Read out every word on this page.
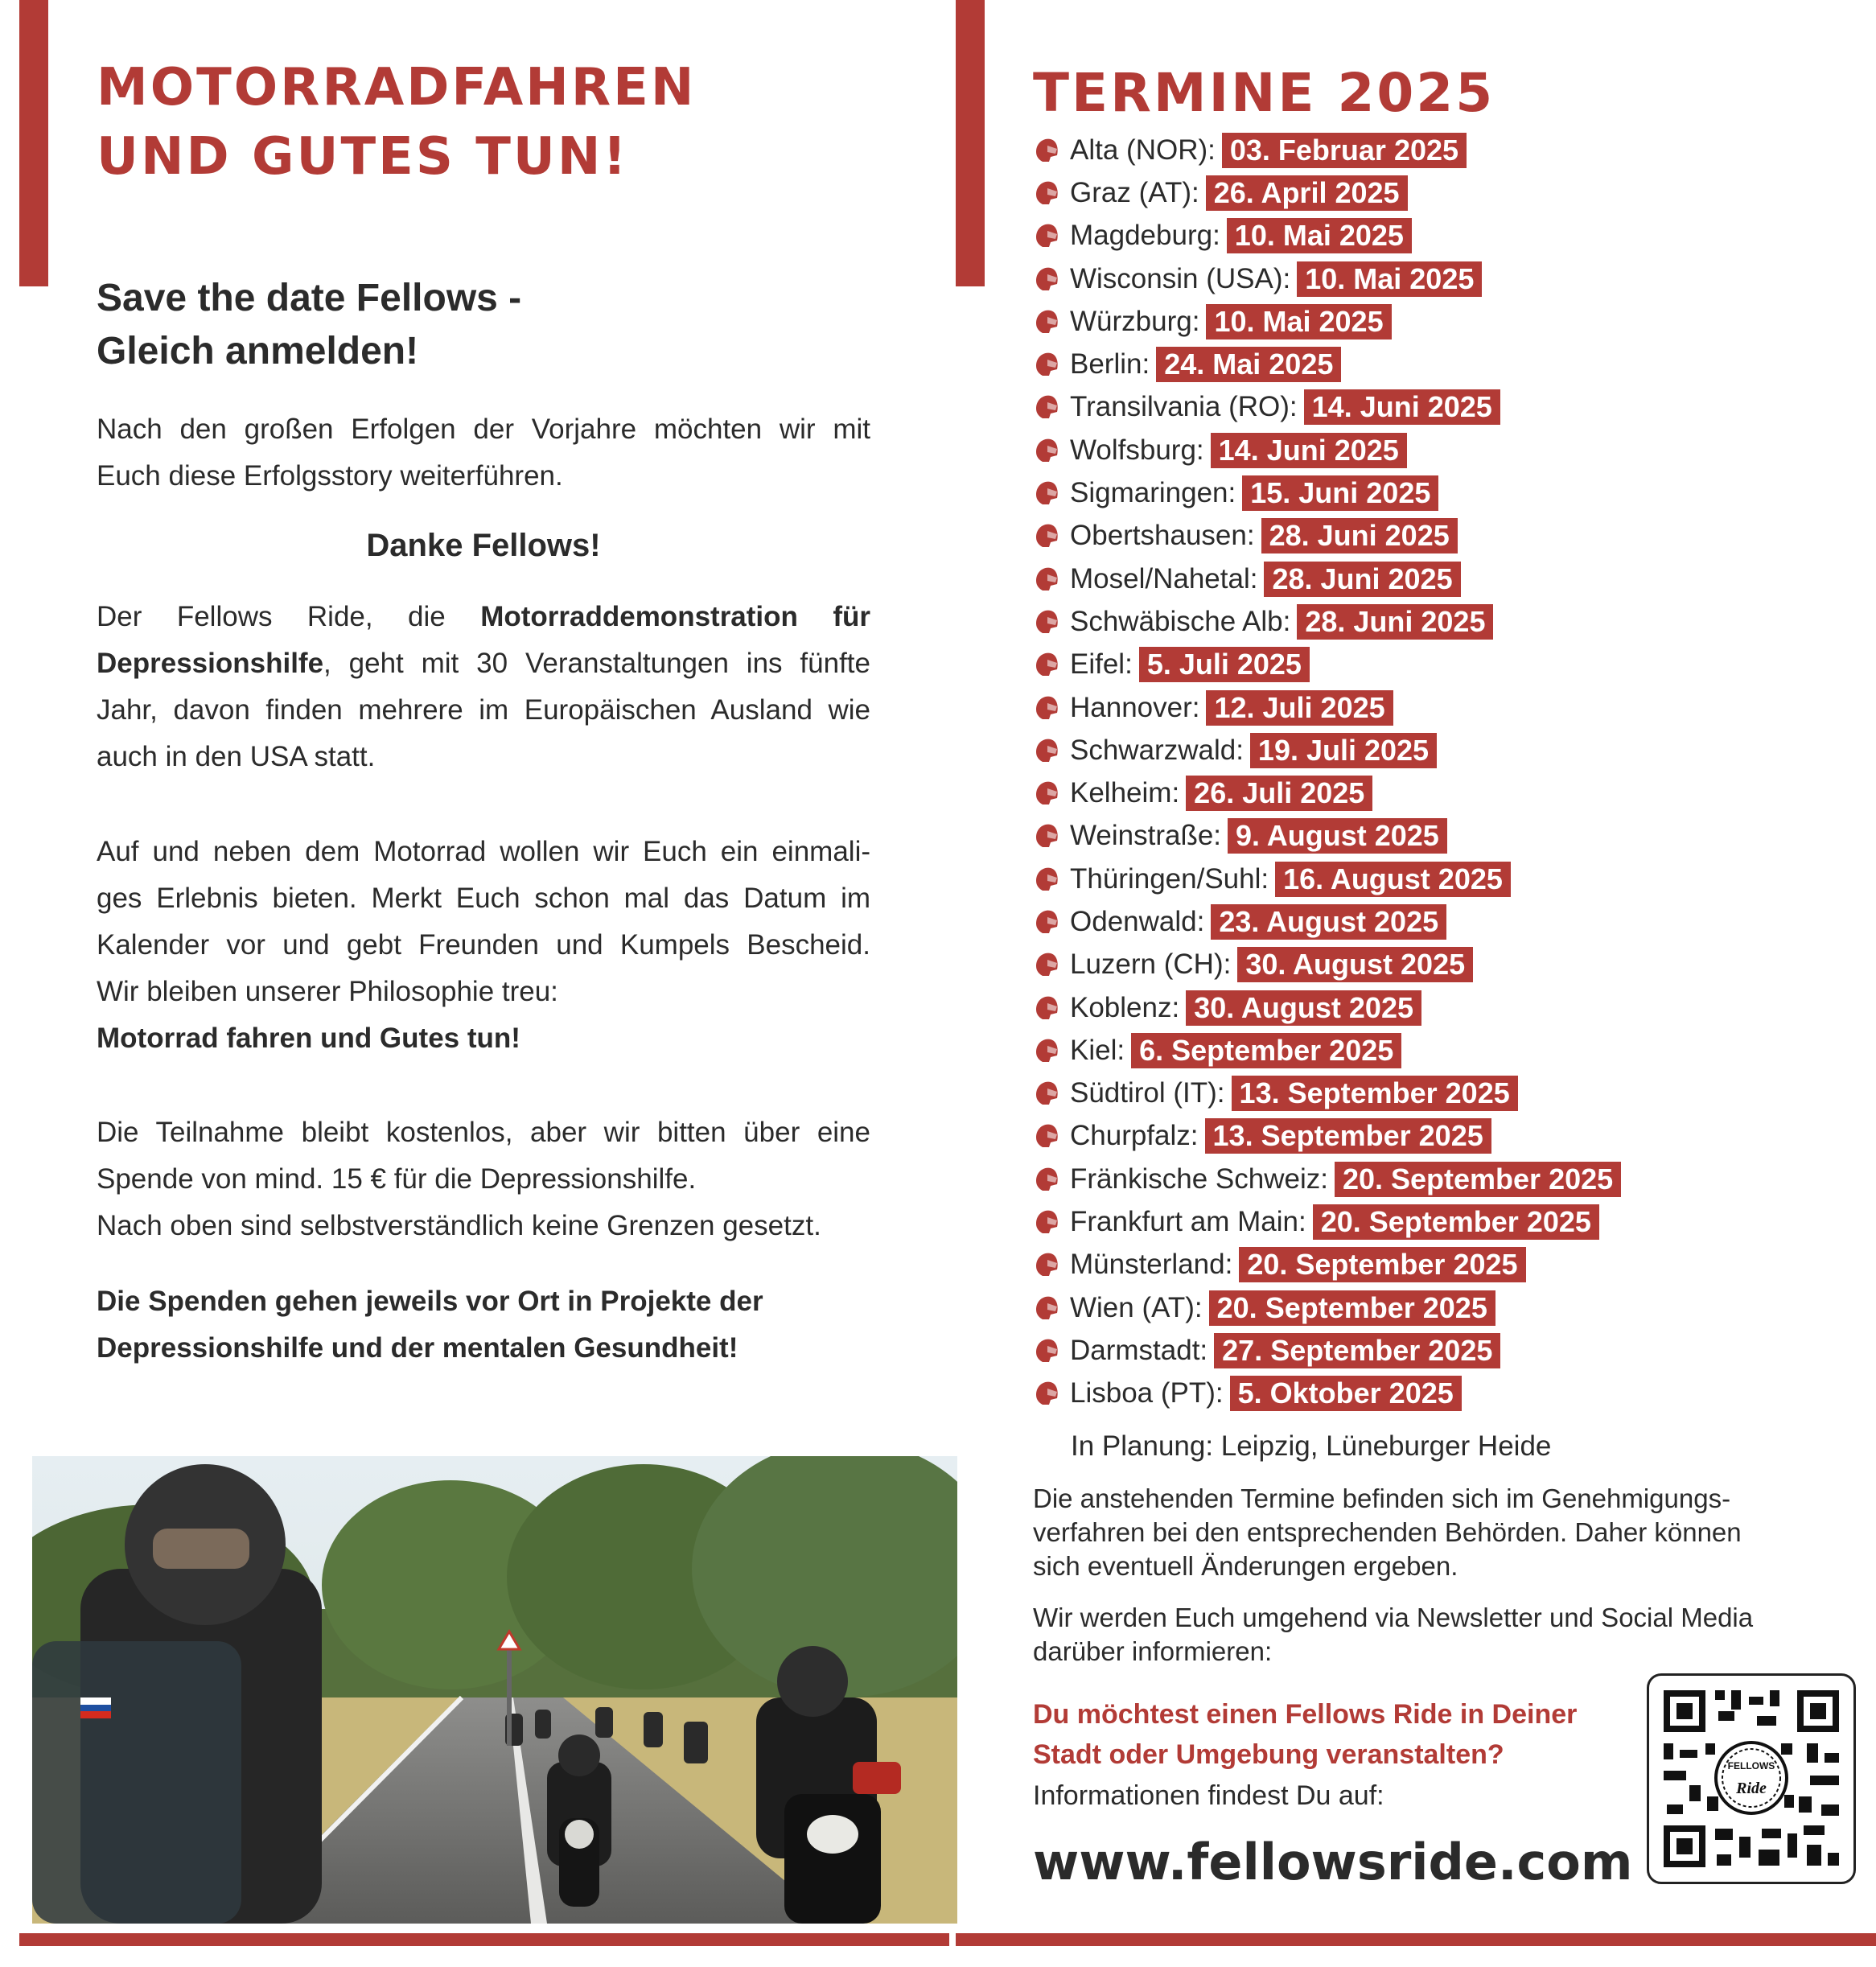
MOTORRADFAHREN
UND GUTES TUN!
Save the date Fellows -
Gleich anmelden!

Nach den großen Erfolgen der Vorjahre möchten wir mit
Euch diese Erfolgsstory weiterführen.

Danke Fellows!

Der Fellows Ride, die Motorraddemonstration für Depressionshilfe, geht mit 30 Veranstaltungen ins fünfte Jahr, davon finden mehrere im Europäischen Ausland wie auch in den USA statt.

Auf und neben dem Motorrad wollen wir Euch ein einmali-
ges Erlebnis bieten. Merkt Euch schon mal das Datum im
Kalender vor und gebt Freunden und Kumpels Bescheid.
Wir bleiben unserer Philosophie treu:
Motorrad fahren und Gutes tun!

Die Teilnahme bleibt kostenlos, aber wir bitten über eine
Spende von mind. 15 € für die Depressionshilfe.
Nach oben sind selbstverständlich keine Grenzen gesetzt.

Die Spenden gehen jeweils vor Ort in Projekte der
Depressionshilfe und der mentalen Gesundheit!

TERMINE 2025
Alta (NOR): 03. Februar 2025
Graz (AT): 26. April 2025
Magdeburg: 10. Mai 2025
Wisconsin (USA): 10. Mai 2025
Würzburg: 10. Mai 2025
Berlin: 24. Mai 2025
Transilvania (RO): 14. Juni 2025
Wolfsburg: 14. Juni 2025
Sigmaringen: 15. Juni 2025
Obertshausen: 28. Juni 2025
Mosel/Nahetal: 28. Juni 2025
Schwäbische Alb: 28. Juni 2025
Eifel: 5. Juli 2025
Hannover: 12. Juli 2025
Schwarzwald: 19. Juli 2025
Kelheim: 26. Juli 2025
Weinstraße: 9. August 2025
Thüringen/Suhl: 16. August 2025
Odenwald: 23. August 2025
Luzern (CH): 30. August 2025
Koblenz: 30. August 2025
Kiel: 6. September 2025
Südtirol (IT): 13. September 2025
Churpfalz: 13. September 2025
Fränkische Schweiz: 20. September 2025
Frankfurt am Main: 20. September 2025
Münsterland: 20. September 2025
Wien (AT): 20. September 2025
Darmstadt: 27. September 2025
Lisboa (PT): 5. Oktober 2025
In Planung: Leipzig, Lüneburger Heide

Die anstehenden Termine befinden sich im Genehmigungs-
verfahren bei den entsprechenden Behörden. Daher können
sich eventuell Änderungen ergeben.

Wir werden Euch umgehend via Newsletter und Social Media
darüber informieren:

Du möchtest einen Fellows Ride in Deiner
Stadt oder Umgebung veranstalten?

Informationen findest Du auf:
www.fellowsride.com
FELLOWS
Ride
